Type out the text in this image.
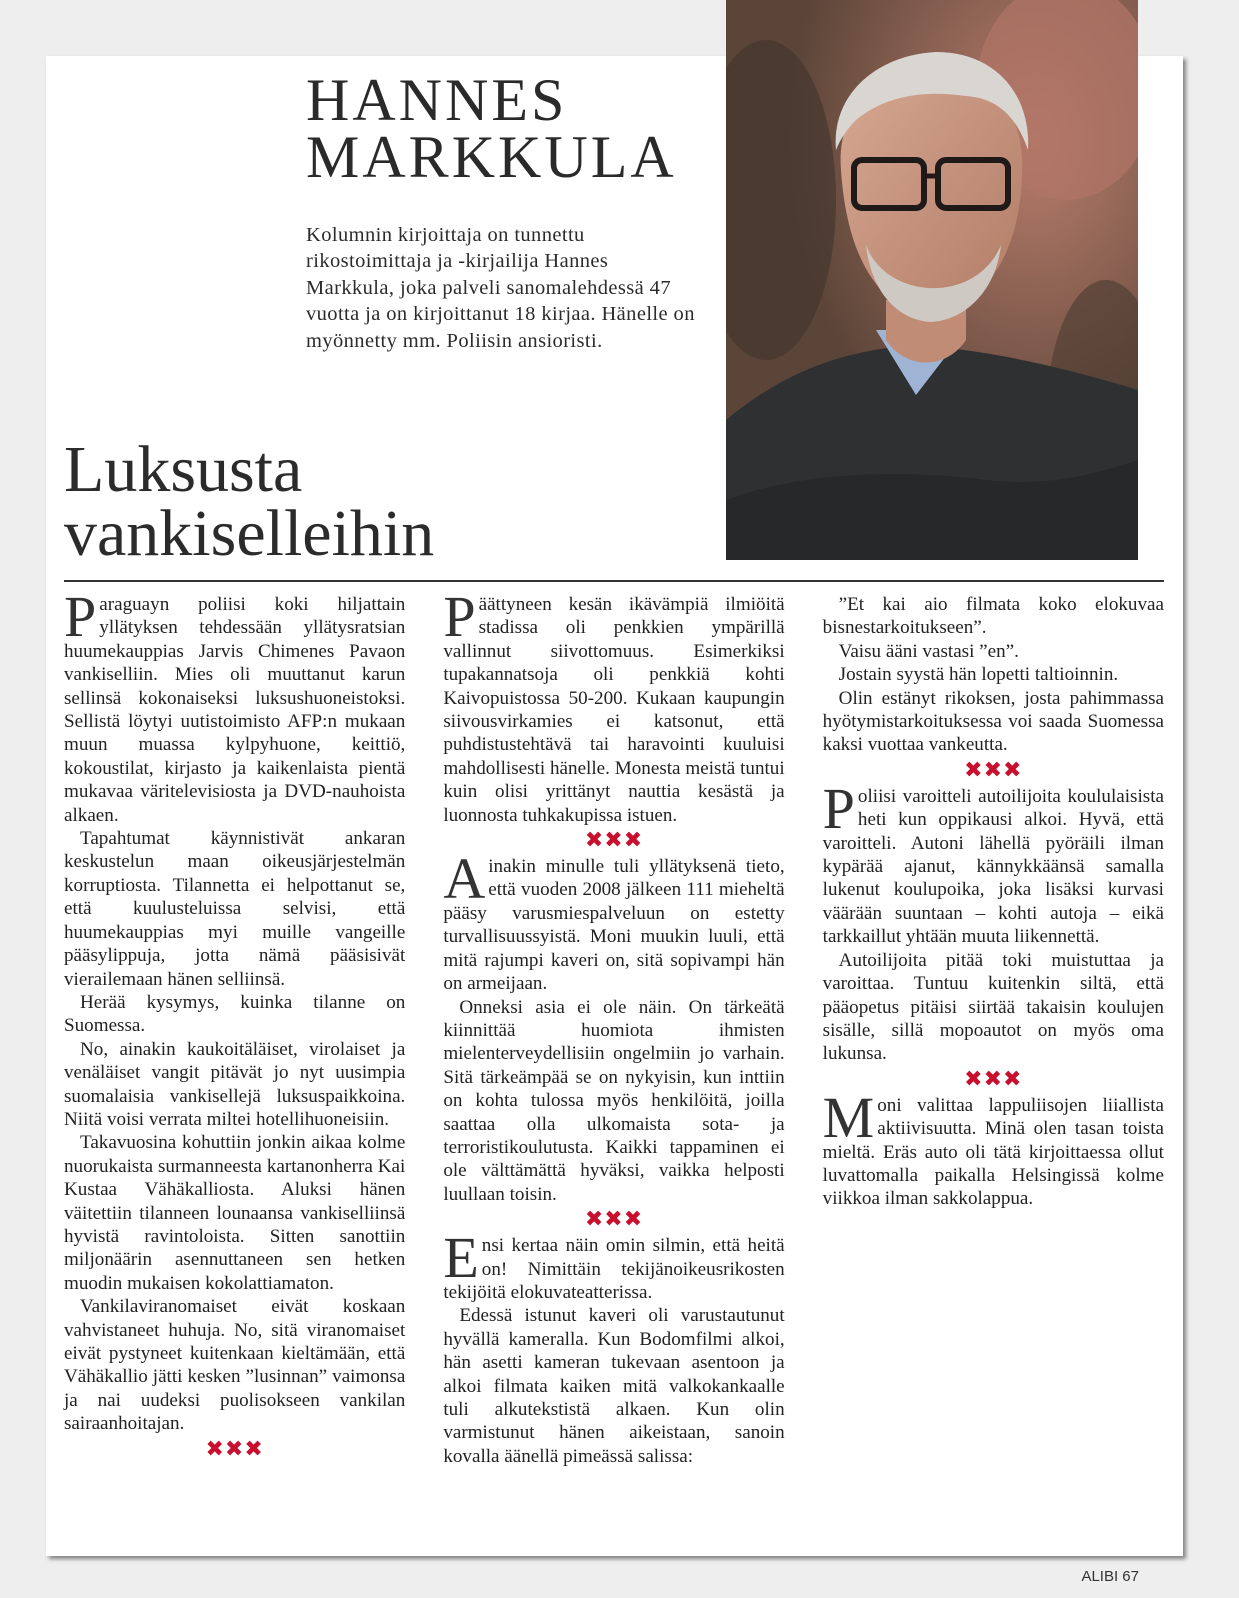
HANNES
MARKKULA

Kolumnin kirjoittaja on tunnettu rikostoimittaja ja -kirjailija Hannes Markkula, joka palveli sanomalehdessä 47 vuotta ja on kirjoittanut 18 kirjaa. Hänelle on myönnetty mm. Poliisin ansioristi.

Luksusta
vankiselleihin

Paraguayn poliisi koki hiljattain yllätyksen tehdessään yllätysratsian huumekauppias Jarvis Chimenes Pavaon vankiselliin. Mies oli muuttanut karun sellinsä kokonaiseksi luksushuoneistoksi. Sellistä löytyi uutistoimisto AFP:n mukaan muun muassa kylpyhuone, keittiö, kokoustilat, kirjasto ja kaikenlaista pientä mukavaa väritelevisiosta ja DVD-nauhoista alkaen.

Tapahtumat käynnistivät ankaran keskustelun maan oikeusjärjestelmän korruptiosta. Tilannetta ei helpottanut se, että kuulusteluissa selvisi, että huumekauppias myi muille vangeille pääsylippuja, jotta nämä pääsisivät vierailemaan hänen selliinsä.

Herää kysymys, kuinka tilanne on Suomessa.

No, ainakin kaukoitäläiset, virolaiset ja venäläiset vangit pitävät jo nyt uusimpia suomalaisia vankisellejä luksuspaikkoina. Niitä voisi verrata miltei hotellihuoneisiin.

Takavuosina kohuttiin jonkin aikaa kolme nuorukaista surmanneesta kartanonherra Kai Kustaa Vähäkalliosta. Aluksi hänen väitettiin tilanneen lounaansa vankiselliinsä hyvistä ravintoloista. Sitten sanottiin miljonäärin asennuttaneen sen hetken muodin mukaisen kokolattiamaton.

Vankilaviranomaiset eivät koskaan vahvistaneet huhuja. No, sitä viranomaiset eivät pystyneet kuitenkaan kieltämään, että Vähäkallio jätti kesken ”lusinnan” vaimonsa ja nai uudeksi puolisokseen vankilan sairaanhoitajan.

✖✖✖

Päättyneen kesän ikävämpiä ilmiöitä stadissa oli penkkien ympärillä vallinnut siivottomuus. Esimerkiksi tupakannatsoja oli penkkiä kohti Kaivopuistossa 50-200. Kukaan kaupungin siivousvirkamies ei katsonut, että puhdistustehtävä tai haravointi kuuluisi mahdollisesti hänelle. Monesta meistä tuntui kuin olisi yrittänyt nauttia kesästä ja luonnosta tuhkakupissa istuen.

✖✖✖

Ainakin minulle tuli yllätyksenä tieto, että vuoden 2008 jälkeen 111 mieheltä pääsy varusmiespalveluun on estetty turvallisuussyistä. Moni muukin luuli, että mitä rajumpi kaveri on, sitä sopivampi hän on armeijaan.

Onneksi asia ei ole näin. On tärkeätä kiinnittää huomiota ihmisten mielenterveydellisiin ongelmiin jo varhain. Sitä tärkeämpää se on nykyisin, kun inttiin on kohta tulossa myös henkilöitä, joilla saattaa olla ulkomaista sota- ja terroristikoulutusta. Kaikki tappaminen ei ole välttämättä hyväksi, vaikka helposti luullaan toisin.

✖✖✖

Ensi kertaa näin omin silmin, että heitä on! Nimittäin tekijänoikeusrikosten tekijöitä elokuvateatterissa.

Edessä istunut kaveri oli varustautunut hyvällä kameralla. Kun Bodomfilmi alkoi, hän asetti kameran tukevaan asentoon ja alkoi filmata kaiken mitä valkokankaalle tuli alkutekstistä alkaen. Kun olin varmistunut hänen aikeistaan, sanoin kovalla äänellä pimeässä salissa:

”Et kai aio filmata koko elokuvaa bisnestarkoitukseen”.

Vaisu ääni vastasi ”en”.

Jostain syystä hän lopetti taltioinnin.

Olin estänyt rikoksen, josta pahimmassa hyötymistarkoituksessa voi saada Suomessa kaksi vuottaa vankeutta.

✖✖✖

Poliisi varoitteli autoilijoita koululaisista heti kun oppikausi alkoi. Hyvä, että varoitteli. Autoni lähellä pyöräili ilman kypärää ajanut, kännykkäänsä samalla lukenut koulupoika, joka lisäksi kurvasi väärään suuntaan – kohti autoja – eikä tarkkaillut yhtään muuta liikennettä.

Autoilijoita pitää toki muistuttaa ja varoittaa. Tuntuu kuitenkin siltä, että pääopetus pitäisi siirtää takaisin koulujen sisälle, sillä mopoautot on myös oma lukunsa.

✖✖✖

Moni valittaa lappuliisojen liiallista aktiivisuutta. Minä olen tasan toista mieltä. Eräs auto oli tätä kirjoittaessa ollut luvattomalla paikalla Helsingissä kolme viikkoa ilman sakkolappua.

ALIBI 67
